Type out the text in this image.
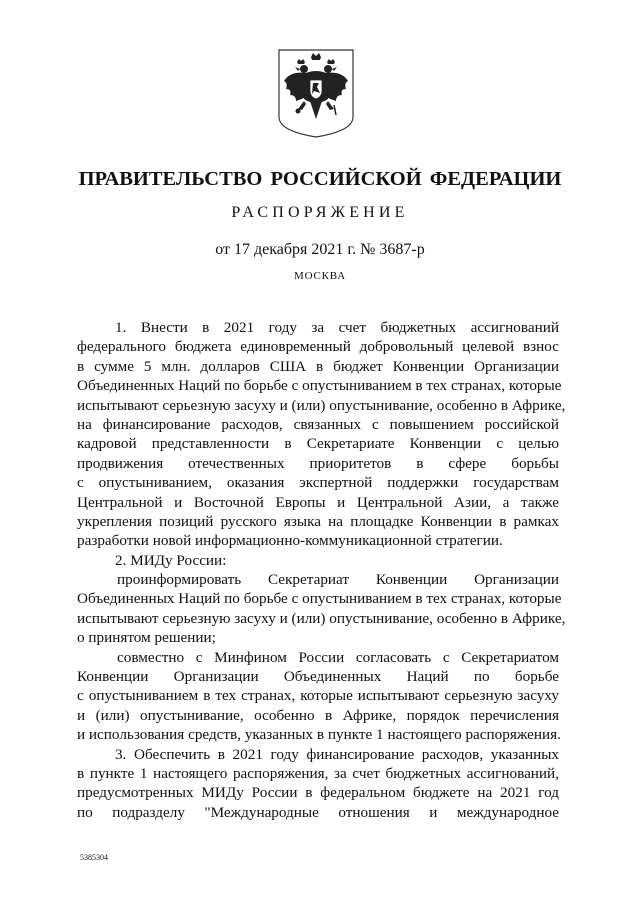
ПРАВИТЕЛЬСТВО РОССИЙСКОЙ ФЕДЕРАЦИИ
РАСПОРЯЖЕНИЕ
от 17 декабря 2021 г. № 3687-р
МОСКВА
1. Внести в 2021 году за счет бюджетных ассигнований
федерального бюджета единовременный добровольный целевой взнос
в сумме 5 млн. долларов США в бюджет Конвенции Организации
Объединенных Наций по борьбе с опустыниванием в тех странах, которые
испытывают серьезную засуху и (или) опустынивание, особенно в Африке,
на финансирование расходов, связанных с повышением российской
кадровой представленности в Секретариате Конвенции с целью
продвижения отечественных приоритетов в сфере борьбы
с опустыниванием, оказания экспертной поддержки государствам
Центральной и Восточной Европы и Центральной Азии, а также
укрепления позиций русского языка на площадке Конвенции в рамках
разработки новой информационно-коммуникационной стратегии.
2. МИДу России:
проинформировать Секретариат Конвенции Организации
Объединенных Наций по борьбе с опустыниванием в тех странах, которые
испытывают серьезную засуху и (или) опустынивание, особенно в Африке,
о принятом решении;
совместно с Минфином России согласовать с Секретариатом
Конвенции Организации Объединенных Наций по борьбе
с опустыниванием в тех странах, которые испытывают серьезную засуху
и (или) опустынивание, особенно в Африке, порядок перечисления
и использования средств, указанных в пункте 1 настоящего распоряжения.
3. Обеспечить в 2021 году финансирование расходов, указанных
в пункте 1 настоящего распоряжения, за счет бюджетных ассигнований,
предусмотренных МИДу России в федеральном бюджете на 2021 год
по подразделу "Международные отношения и международное
5385304
